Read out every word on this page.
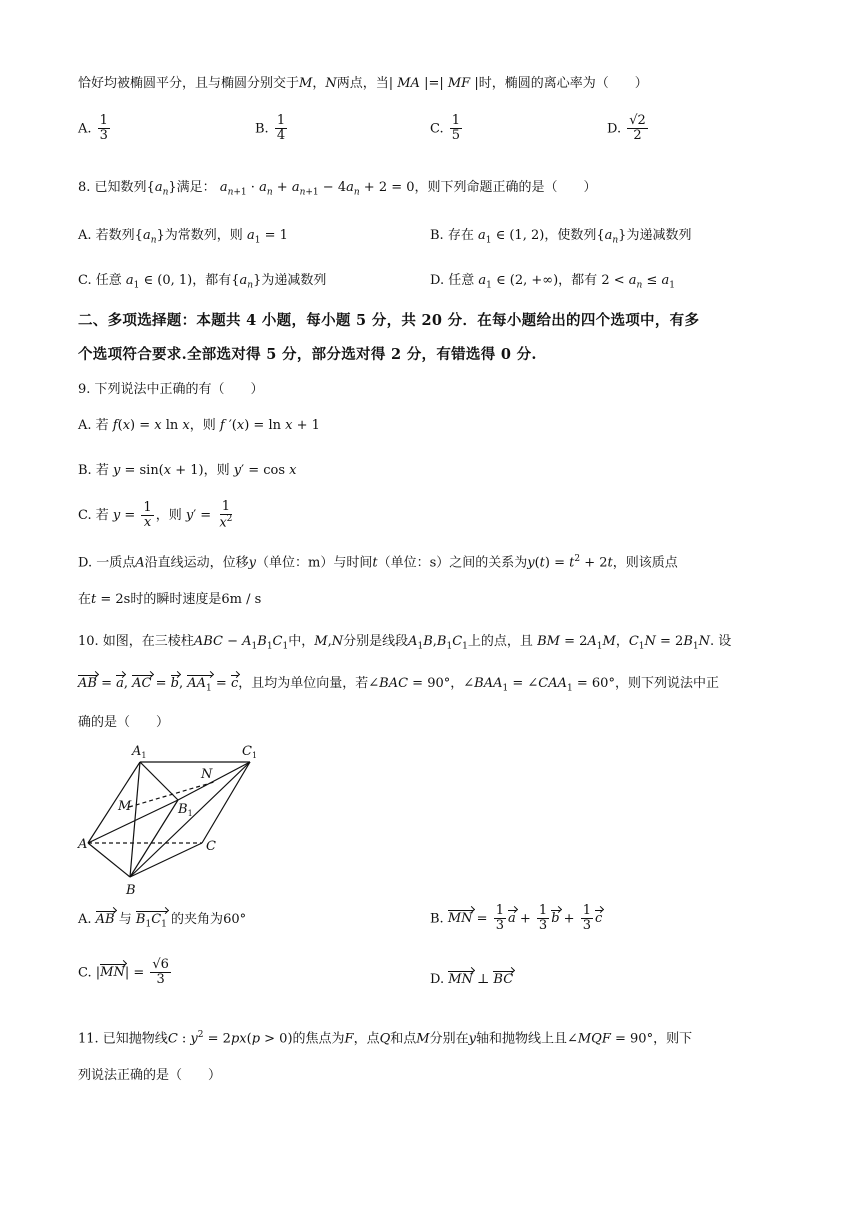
恰好均被椭圆平分，且与椭圆分别交于M，N两点，当| MA |=| MF |时，椭圆的离心率为（　　）
A. $\frac{1}{3}$	B. $\frac{1}{4}$	C. $\frac{1}{5}$	D. $\frac{√2}{2}$
8. 已知数列$\{a_n\}$满足： $a_{n+1} \cdot a_n + a_{n+1} - 4a_n + 2 = 0$，则下列命题正确的是（　　）
A. 若数列$\{a_n\}$为常数列，则 $a_1 = 1$	B. 存在 $a_1$ ∈ (1, 2)，使数列$\{a_n\}$为递减数列
C. 任意 $a_1$ ∈ (0, 1)，都有$\{a_n\}$为递减数列	D. 任意 $a_1$ ∈ (2, +∞)，都有 $2 < a_n \le a_1$
二、多项选择题：本题共 4 小题，每小题 5 分，共 20 分．在每小题给出的四个选项中，有多
个选项符合要求.全部选对得 5 分，部分选对得 2 分，有错选得 0 分.
9. 下列说法中正确的有（　　）
A. 若 f(x) = x ln x，则 f ′(x) = ln x + 1
B. 若 y = sin(x + 1)，则 y′ = cos x
C. 若 $y = \frac{1}{x}$ ，则 $y' = \frac{1}{x^2}$
D. 一质点A沿直线运动，位移y（单位：m）与时间t（单位：s）之间的关系为$y(t) = t^2 + 2t$，则该质点
在t = 2s时的瞬时速度是6m / s
10. 如图，在三棱柱ABC − $A_1B_1C_1$中，M,N分别是线段$A_1B,B_1C_1$上的点，且 BM = $2A_1M$，$C_1N = 2B_1N$. 设
AB = a, AC = b, $AA_1 = c$，且均为单位向量，若∠BAC = 90°，$\angle BAA_1$ = $\angle CAA_1 = 60^\circ$，则下列说法中正
确的是（　　）
$A_1$	$C_1$
N
M	$B_1$
A	C
B
A. AB 与 $B_1C_1$ 的夹角为60°	B. MN = $\frac{1}{3}$ $a + \frac{1}{3}$ $b + \frac{1}{3}$ c
C. $|MN| = \frac{√6}{3}$	D. MN ⊥ BC
11. 已知抛物线C : $y^2 = 2px(p > 0)$的焦点为F，点Q和点M分别在y轴和抛物线上且∠MQF = 90°，则下
列说法正确的是（　　）
